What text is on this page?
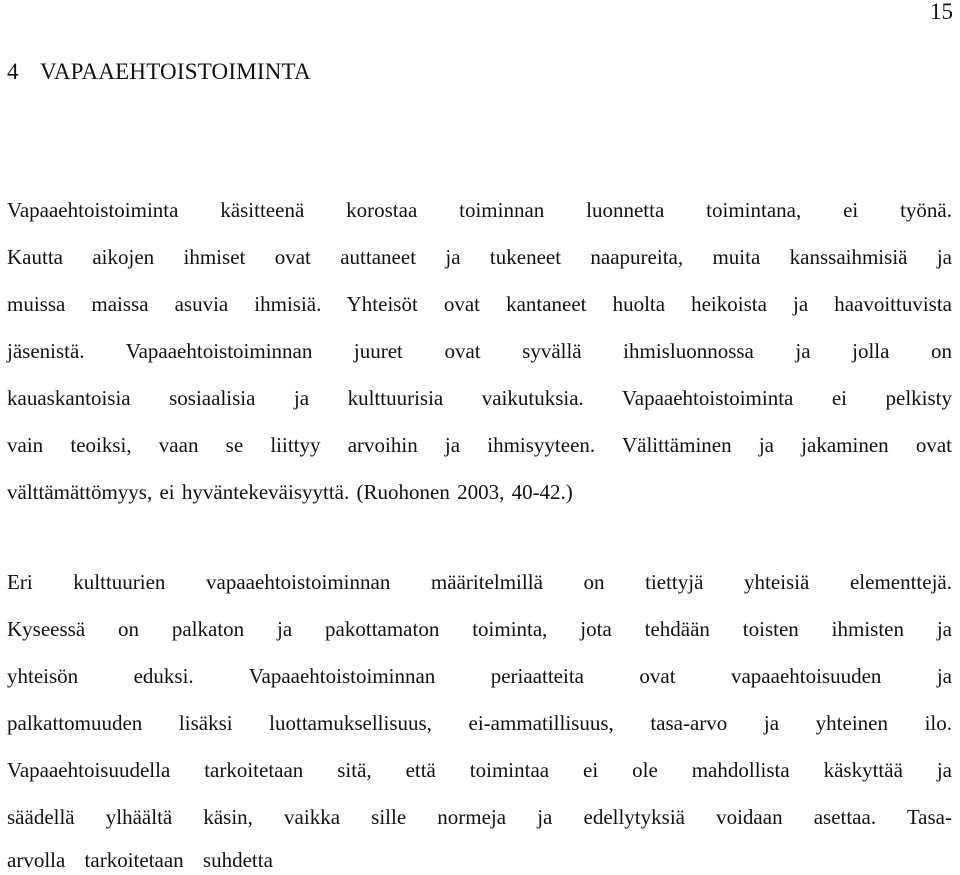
15
4 VAPAAEHTOISTOIMINTA
Vapaaehtoistoiminta käsitteenä korostaa toiminnan luonnetta toimintana, ei työnä.
Kautta aikojen ihmiset ovat auttaneet ja tukeneet naapureita, muita kanssaihmisiä ja
muissa maissa asuvia ihmisiä. Yhteisöt ovat kantaneet huolta heikoista ja haavoittuvista
jäsenistä. Vapaaehtoistoiminnan juuret ovat syvällä ihmisluonnossa ja jolla on
kauaskantoisia sosiaalisia ja kulttuurisia vaikutuksia. Vapaaehtoistoiminta ei pelkisty
vain teoiksi, vaan se liittyy arvoihin ja ihmisyyteen. Välittäminen ja jakaminen ovat
välttämättömyys, ei hyväntekeväisyyttä. (Ruohonen 2003, 40-42.)
Eri kulttuurien vapaaehtoistoiminnan määritelmillä on tiettyjä yhteisiä elementtejä.
Kyseessä on palkaton ja pakottamaton toiminta, jota tehdään toisten ihmisten ja
yhteisön eduksi. Vapaaehtoistoiminnan periaatteita ovat vapaaehtoisuuden ja
palkattomuuden lisäksi luottamuksellisuus, ei-ammatillisuus, tasa-arvo ja yhteinen ilo.
Vapaaehtoisuudella tarkoitetaan sitä, että toimintaa ei ole mahdollista käskyttää ja
säädellä ylhäältä käsin, vaikka sille normeja ja edellytyksiä voidaan asettaa. Tasa-
arvolla tarkoitetaan suhdetta
